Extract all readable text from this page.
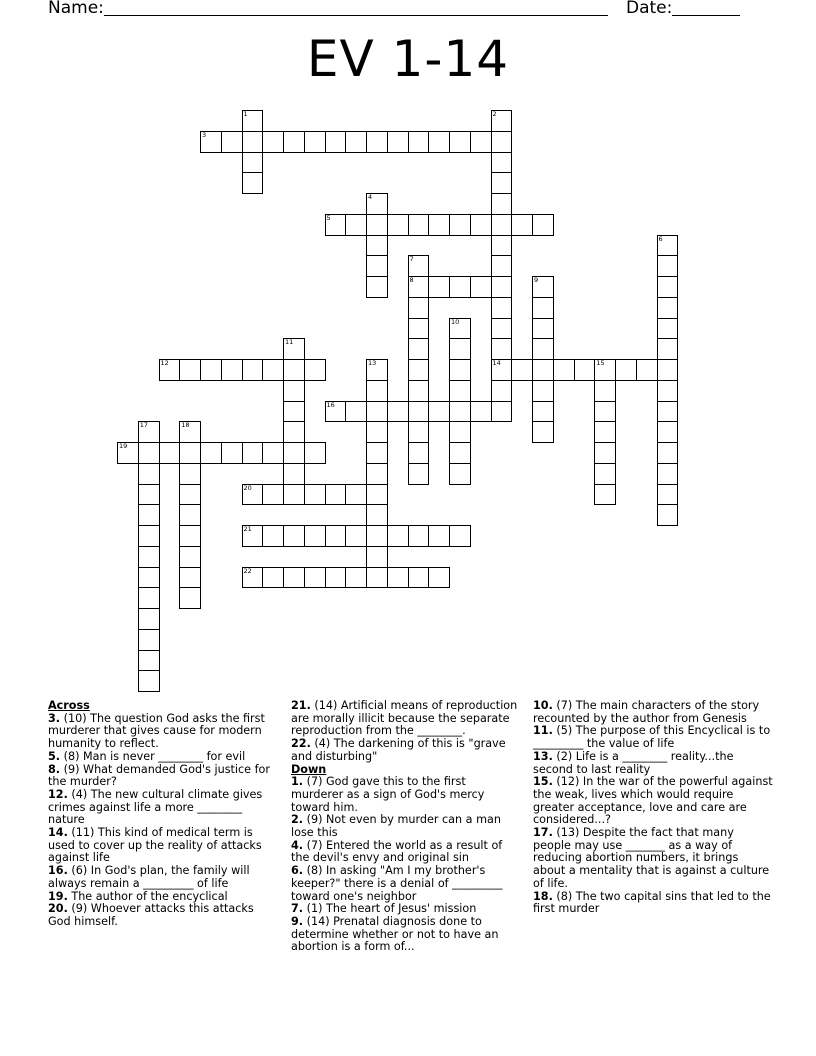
Name:	Date:
EV 1-14
1	2
14
3
4
5
6
7
8	9
10
11
12	13	15
16
17	18
19
20
21
22

Across

3. (10) The question God asks the first murderer that gives cause for modern humanity to reflect.

5. (8) Man is never ________ for evil

8. (9) What demanded God's justice for the murder?

12. (4) The new cultural climate gives crimes against life a more ________ nature

14. (11) This kind of medical term is used to cover up the reality of attacks against life

16. (6) In God's plan, the family will always remain a _________ of life

19. The author of the encyclical

20. (9) Whoever attacks this attacks God himself.

21. (14) Artificial means of reproduction are morally illicit because the separate reproduction from the ________.

22. (4) The darkening of this is "grave and disturbing"

Down

1. (7) God gave this to the first murderer as a sign of God's mercy toward him.

2. (9) Not even by murder can a man lose this

4. (7) Entered the world as a result of the devil's envy and original sin

6. (8) In asking "Am I my brother's keeper?" there is a denial of _________ toward one's neighbor

7. (1) The heart of Jesus' mission

9. (14) Prenatal diagnosis done to determine whether or not to have an abortion is a form of...

10. (7) The main characters of the story recounted by the author from Genesis

11. (5) The purpose of this Encyclical is to _________ the value of life

13. (2) Life is a ________ reality...the second to last reality

15. (12) In the war of the powerful against the weak, lives which would require greater acceptance, love and care are considered...?

17. (13) Despite the fact that many people may use _______ as a way of reducing abortion numbers, it brings about a mentality that is against a culture of life.

18. (8) The two capital sins that led to the first murder
